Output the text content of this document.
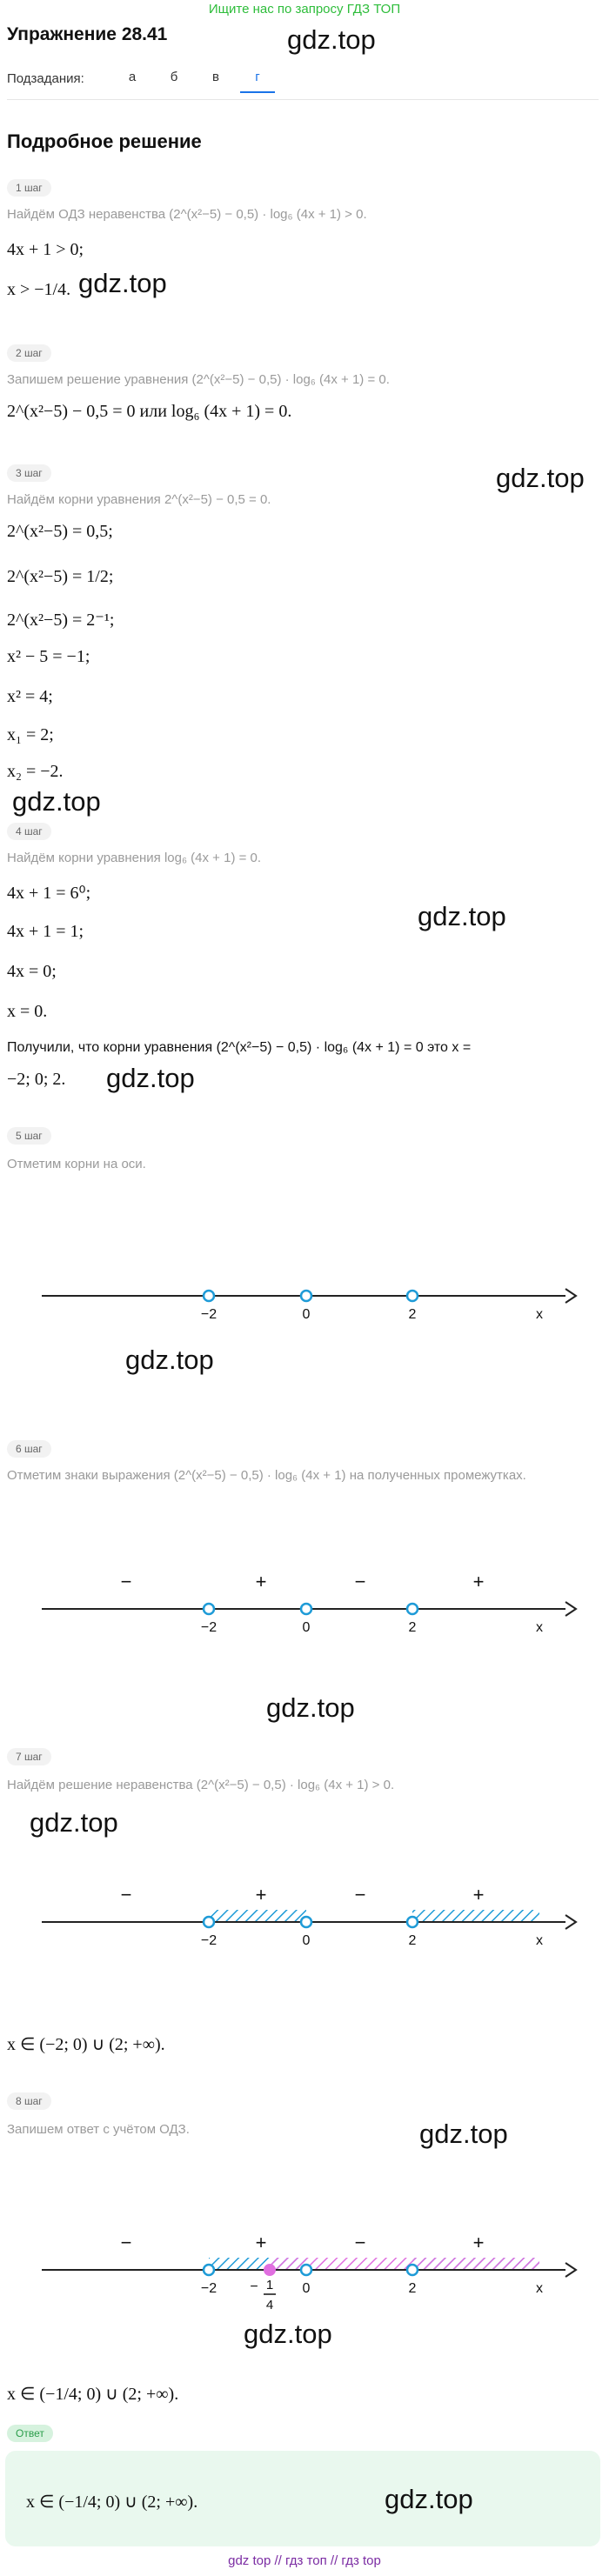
Ищите нас по запросу ГДЗ ТОП
Упражнение 28.41	gdz.top
Подзадания:	а	б	в	г
Подробное решение
1 шаг
Найдём ОДЗ неравенства (2^(x²−5) − 0,5) · log₆ (4x + 1) > 0.
4x + 1 > 0;
x > −1/4. gdz.top
2 шаг
Запишем решение уравнения (2^(x²−5) − 0,5) · log₆ (4x + 1) = 0.
2^(x²−5) − 0,5 = 0 или log₆ (4x + 1) = 0.
gdz.top
3 шаг
Найдём корни уравнения 2^(x²−5) − 0,5 = 0.
2^(x²−5) = 0,5;
2^(x²−5) = 1/2;
2^(x²−5) = 2⁻¹;
x² − 5 = −1;
x² = 4;
x₁ = 2;
x₂ = −2.
gdz.top
4 шаг
Найдём корни уравнения log₆ (4x + 1) = 0.
gdz.top
4x + 1 = 6⁰;
4x + 1 = 1;
4x = 0;
x = 0.
Получили, что корни уравнения (2^(x²−5) − 0,5) · log₆ (4x + 1) = 0 это x =
−2; 0; 2. gdz.top
5 шаг
Отметим корни на оси.
−2	0	2	x
gdz.top
6 шаг
Отметим знаки выражения (2^(x²−5) − 0,5) · log₆ (4x + 1) на полученных промежутках.
−2	0	2	x
−	+	−	+
gdz.top
7 шаг
Найдём решение неравенства (2^(x²−5) − 0,5) · log₆ (4x + 1) > 0.
gdz.top
−2	0	2	x
−	+	−	+
x ∈ (−2; 0) ∪ (2; +∞).
8 шаг
Запишем ответ с учётом ОДЗ.	gdz.top
−2	0	2	x
−	+	−	+
− 1
4
gdz.top
x ∈ (−1/4; 0) ∪ (2; +∞).
Ответ
x ∈ (−1/4; 0) ∪ (2; +∞).	gdz.top
gdz top // гдз топ // гдз top
